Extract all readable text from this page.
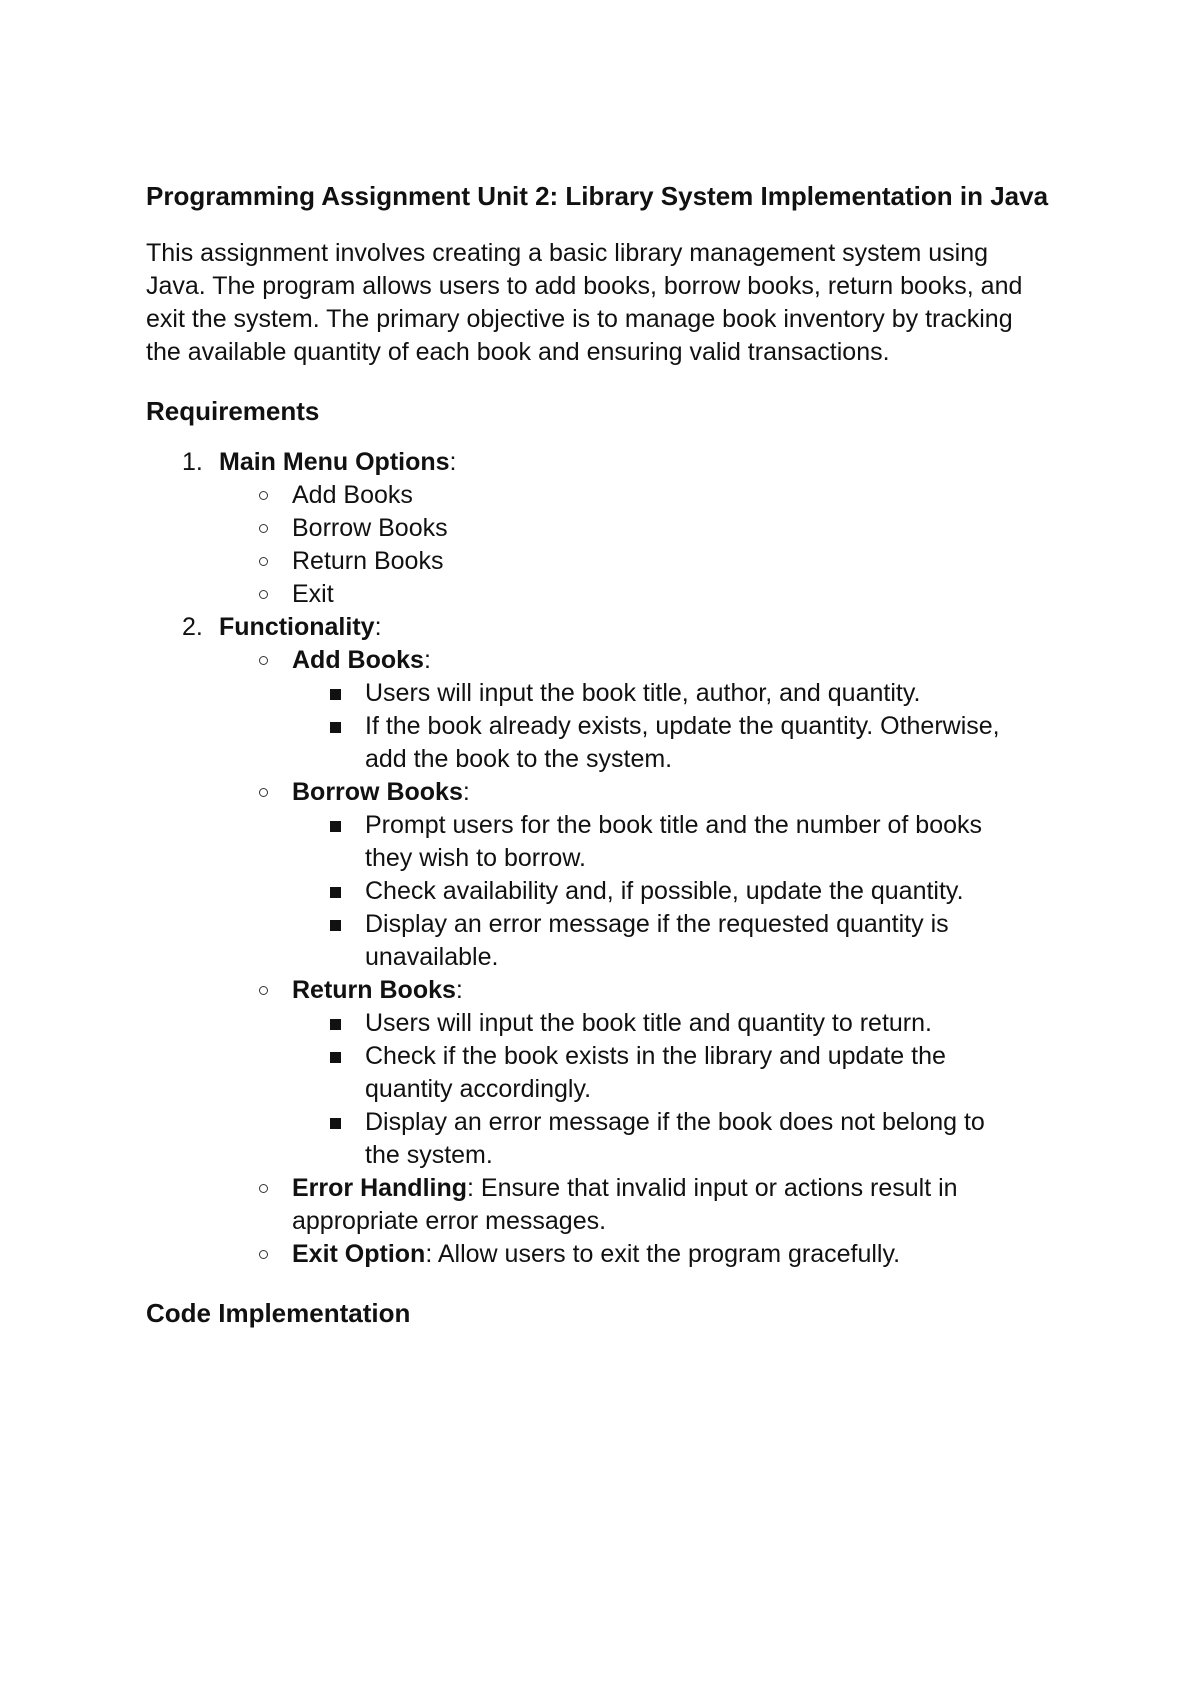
Programming Assignment Unit 2: Library System Implementation in Java
This assignment involves creating a basic library management system using Java. The program allows users to add books, borrow books, return books, and exit the system. The primary objective is to manage book inventory by tracking the available quantity of each book and ensuring valid transactions.
Requirements
1. Main Menu Options:
Add Books
Borrow Books
Return Books
Exit
2. Functionality:
Add Books:
Users will input the book title, author, and quantity.
If the book already exists, update the quantity. Otherwise, add the book to the system.
Borrow Books:
Prompt users for the book title and the number of books they wish to borrow.
Check availability and, if possible, update the quantity.
Display an error message if the requested quantity is unavailable.
Return Books:
Users will input the book title and quantity to return.
Check if the book exists in the library and update the quantity accordingly.
Display an error message if the book does not belong to the system.
Error Handling: Ensure that invalid input or actions result in appropriate error messages.
Exit Option: Allow users to exit the program gracefully.
Code Implementation
